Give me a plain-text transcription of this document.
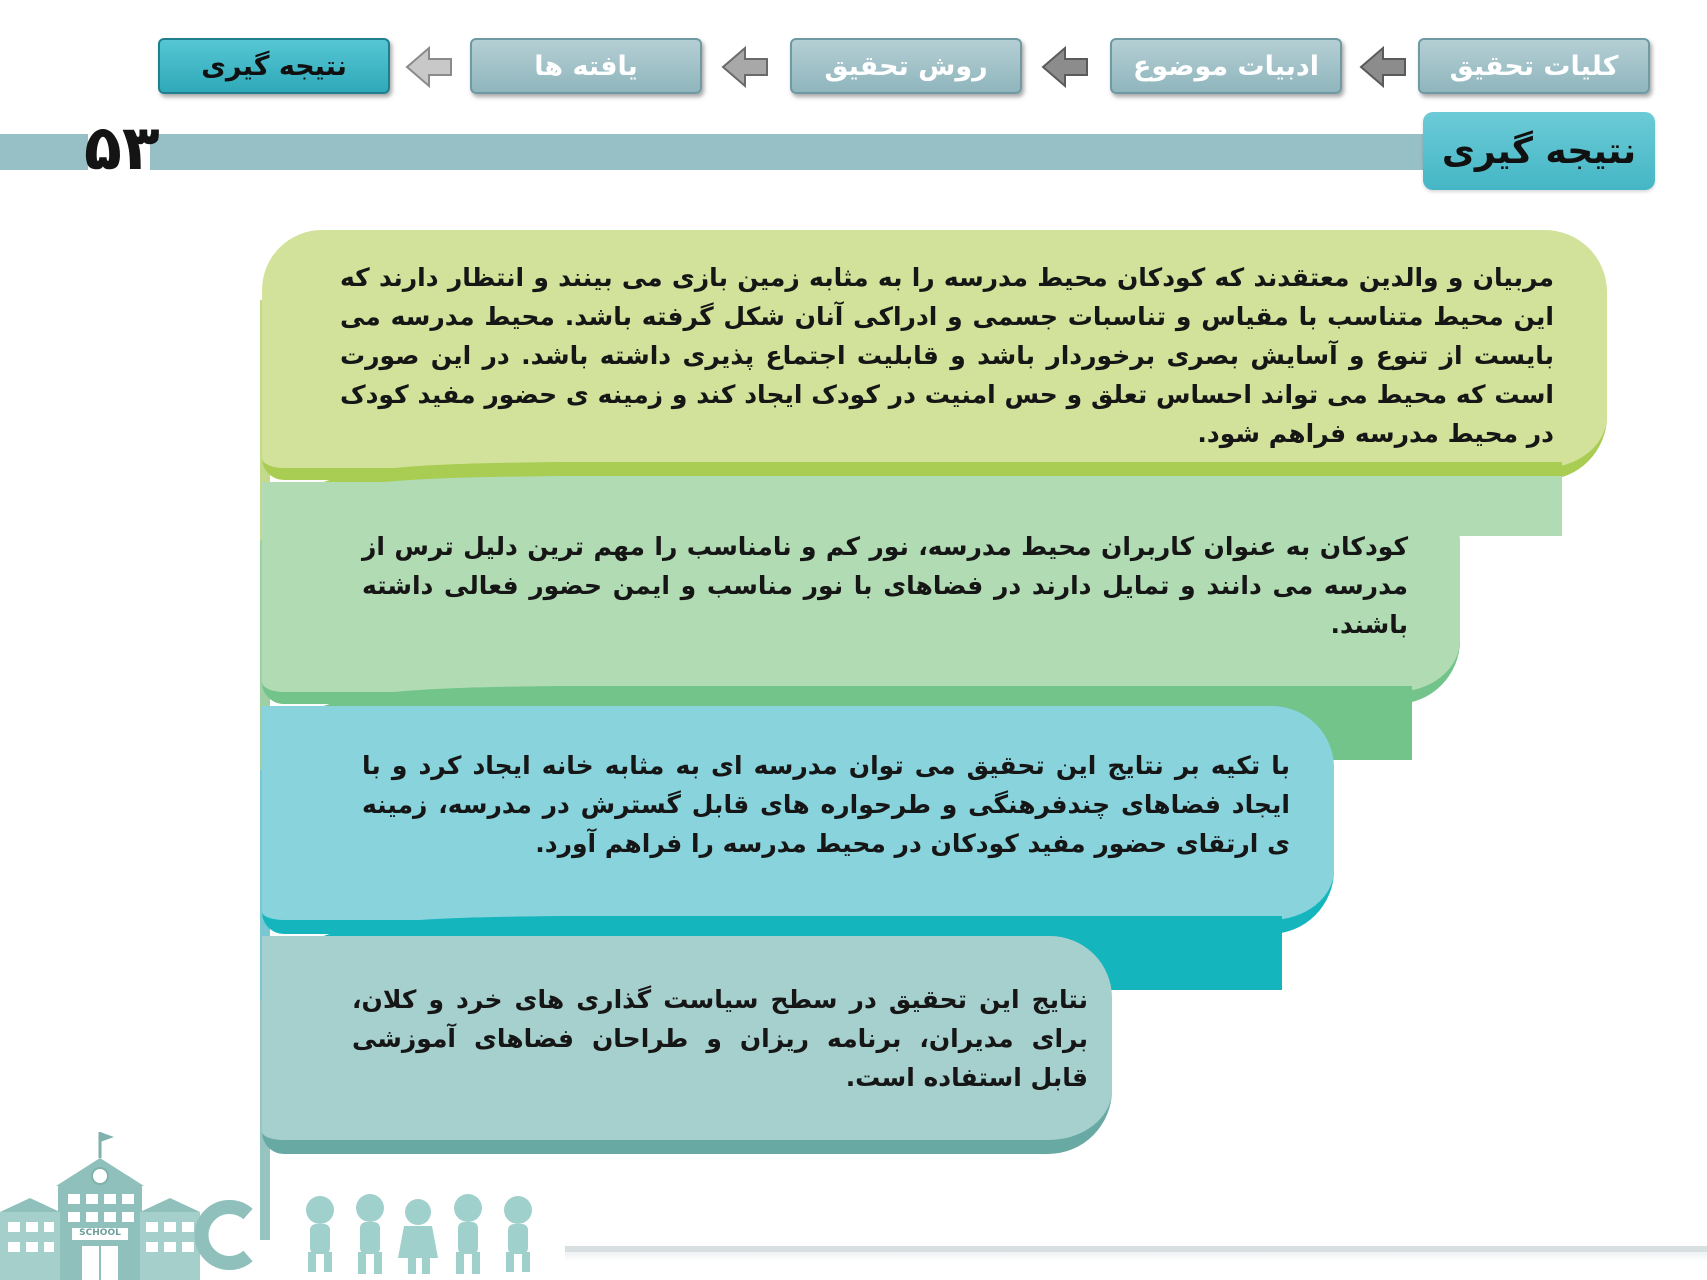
کلیات تحقیق
ادبیات موضوع
روش تحقیق
یافته ها
نتیجه گیری
۵۳	نتیجه گیری
مربیان و والدین معتقدند که کودکان محیط مدرسه را به مثابه زمین بازی می بینند و انتظار دارند که این محیط متناسب با مقیاس و تناسبات جسمی و ادراکی آنان شکل گرفته باشد. محیط مدرسه می بایست از تنوع و آسایش بصری برخوردار باشد و قابلیت اجتماع پذیری داشته باشد. در این صورت است که محیط می تواند احساس تعلق و حس امنیت در کودک ایجاد کند و زمینه ی حضور مفید کودک در محیط مدرسه فراهم شود.
کودکان به عنوان کاربران محیط مدرسه، نور کم و نامناسب را مهم ترین دلیل ترس از مدرسه می دانند و تمایل دارند در فضاهای با نور مناسب و ایمن حضور فعالی داشته باشند.
با تکیه بر نتایج این تحقیق می توان مدرسه ای به مثابه خانه ایجاد کرد و با ایجاد فضاهای چندفرهنگی و طرحواره های قابل گسترش در مدرسه، زمینه ی ارتقای حضور مفید کودکان در محیط مدرسه را فراهم آورد.
نتایج این تحقیق در سطح سیاست گذاری های خرد و کلان، برای مدیران، برنامه ریزان و طراحان فضاهای آموزشی قابل استفاده است.
SCHOOL
